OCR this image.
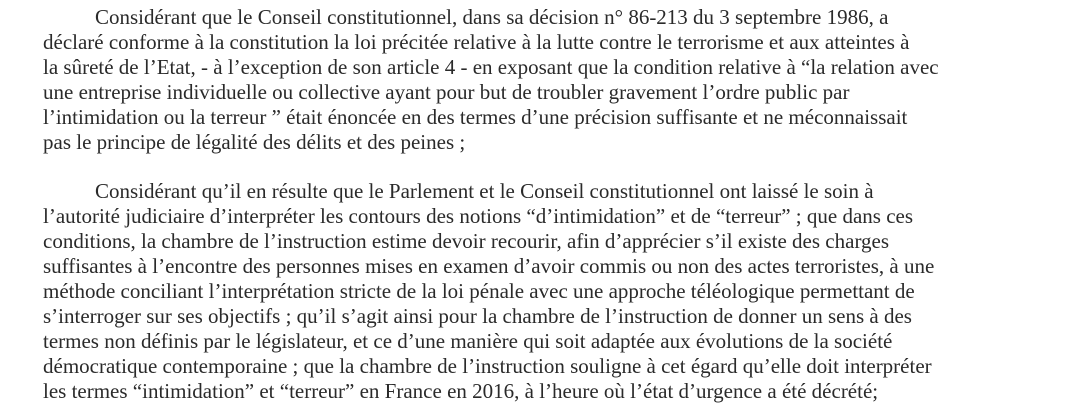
Considérant que le Conseil constitutionnel, dans sa décision n° 86-213 du 3 septembre 1986, a
déclaré conforme à la constitution la loi précitée relative à la lutte contre le terrorisme et aux atteintes à
la sûreté de l’Etat, - à l’exception de son article 4 - en exposant que la condition relative à “la relation avec
une entreprise individuelle ou collective ayant pour but de troubler gravement l’ordre public par
l’intimidation ou la terreur ” était énoncée en des termes d’une précision suffisante et ne méconnaissait
pas le principe de légalité des délits et des peines ;
Considérant qu’il en résulte que le Parlement et le Conseil constitutionnel ont laissé le soin à
l’autorité judiciaire d’interpréter les contours des notions “d’intimidation” et de “terreur” ; que dans ces
conditions, la chambre de l’instruction estime devoir recourir, afin d’apprécier s’il existe des charges
suffisantes à l’encontre des personnes mises en examen d’avoir commis ou non des actes terroristes, à une
méthode conciliant l’interprétation stricte de la loi pénale avec une approche téléologique permettant de
s’interroger sur ses objectifs ; qu’il s’agit ainsi pour la chambre de l’instruction de donner un sens à des
termes non définis par le législateur, et ce d’une manière qui soit adaptée aux évolutions de la société
démocratique contemporaine ; que la chambre de l’instruction souligne à cet égard qu’elle doit interpréter
les termes “intimidation” et “terreur” en France en 2016, à l’heure où l’état d’urgence a été décrété;
